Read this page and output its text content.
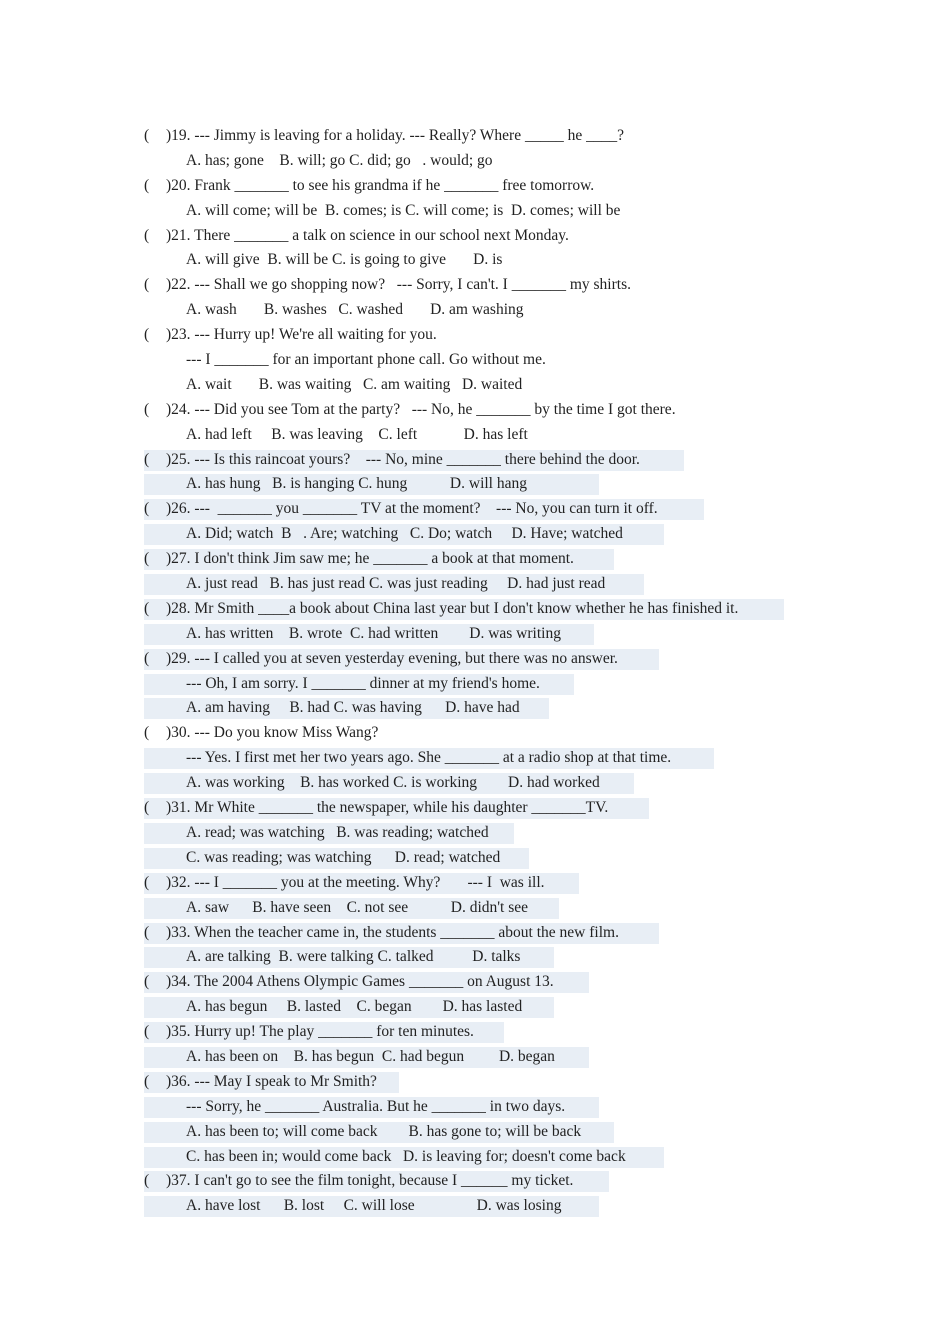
( )19. --- Jimmy is leaving for a holiday. --- Really? Where _____ he ____?
A. has; gone    B. will; go C. did; go   . would; go
( )20. Frank _______ to see his grandma if he _______ free tomorrow.
A. will come; will be  B. comes; is C. will come; is  D. comes; will be
( )21. There _______ a talk on science in our school next Monday.
A. will give  B. will be C. is going to give       D. is
( )22. --- Shall we go shopping now?   --- Sorry, I can't. I _______ my shirts.
A. wash       B. washes   C. washed       D. am washing
( )23. --- Hurry up! We're all waiting for you.
--- I _______ for an important phone call. Go without me.
A. wait       B. was waiting   C. am waiting   D. waited
( )24. --- Did you see Tom at the party?   --- No, he _______ by the time I got there.
A. had left     B. was leaving    C. left            D. has left
( )25. --- Is this raincoat yours?    --- No, mine _______ there behind the door.
A. has hung   B. is hanging C. hung           D. will hang
( )26. ---  _______ you _______ TV at the moment?    --- No, you can turn it off.
A. Did; watch  B   . Are; watching   C. Do; watch     D. Have; watched
( )27. I don't think Jim saw me; he _______ a book at that moment.
A. just read   B. has just read C. was just reading     D. had just read
( )28. Mr Smith ____a book about China last year but I don't know whether he has finished it.
A. has written    B. wrote  C. had written        D. was writing
( )29. --- I called you at seven yesterday evening, but there was no answer.
--- Oh, I am sorry. I _______ dinner at my friend's home.
A. am having     B. had C. was having      D. have had
( )30. --- Do you know Miss Wang?
--- Yes. I first met her two years ago. She _______ at a radio shop at that time.
A. was working    B. has worked C. is working        D. had worked
( )31. Mr White _______ the newspaper, while his daughter _______TV.
A. read; was watching   B. was reading; watched
C. was reading; was watching      D. read; watched
( )32. --- I _______ you at the meeting. Why?       --- I  was ill.
A. saw      B. have seen    C. not see           D. didn't see
( )33. When the teacher came in, the students _______ about the new film.
A. are talking  B. were talking C. talked          D. talks
( )34. The 2004 Athens Olympic Games _______ on August 13.
A. has begun     B. lasted    C. began        D. has lasted
( )35. Hurry up! The play _______ for ten minutes.
A. has been on    B. has begun  C. had begun         D. began
( )36. --- May I speak to Mr Smith?
--- Sorry, he _______ Australia. But he _______ in two days.
A. has been to; will come back        B. has gone to; will be back
C. has been in; would come back   D. is leaving for; doesn't come back
( )37. I can't go to see the film tonight, because I ______ my ticket.
A. have lost      B. lost     C. will lose                D. was losing
